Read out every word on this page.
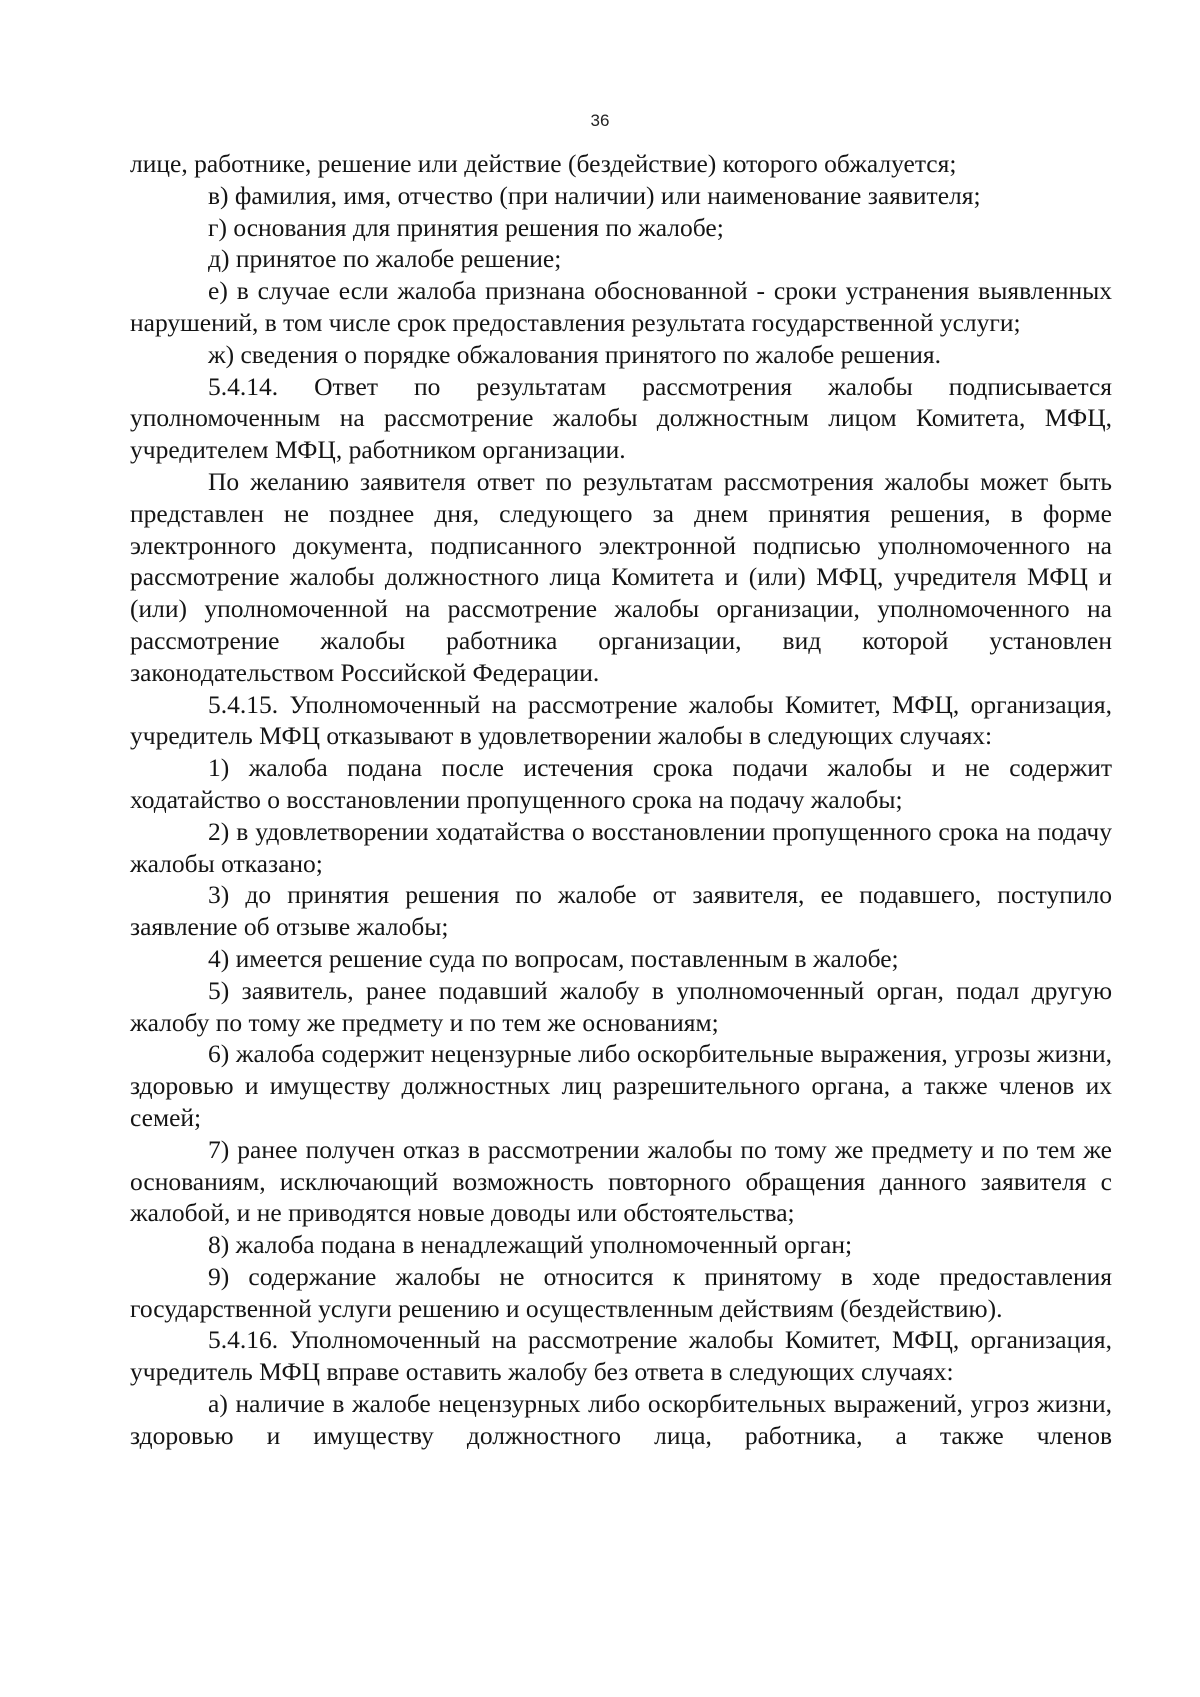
36

лице, работнике, решение или действие (бездействие) которого обжалуется;

в) фамилия, имя, отчество (при наличии) или наименование заявителя;

г) основания для принятия решения по жалобе;

д) принятое по жалобе решение;

е) в случае если жалоба признана обоснованной - сроки устранения выявленных нарушений, в том числе срок предоставления результата государственной услуги;

ж) сведения о порядке обжалования принятого по жалобе решения.

5.4.14. Ответ по результатам рассмотрения жалобы подписывается уполномоченным на рассмотрение жалобы должностным лицом Комитета, МФЦ, учредителем МФЦ, работником организации.

По желанию заявителя ответ по результатам рассмотрения жалобы может быть представлен не позднее дня, следующего за днем принятия решения, в форме электронного документа, подписанного электронной подписью уполномоченного на рассмотрение жалобы должностного лица Комитета и (или) МФЦ, учредителя МФЦ и (или) уполномоченной на рассмотрение жалобы организации, уполномоченного на рассмотрение жалобы работника организации, вид которой установлен законодательством Российской Федерации.

5.4.15. Уполномоченный на рассмотрение жалобы Комитет, МФЦ, организация, учредитель МФЦ отказывают в удовлетворении жалобы в следующих случаях:

1) жалоба подана после истечения срока подачи жалобы и не содержит ходатайство о восстановлении пропущенного срока на подачу жалобы;

2) в удовлетворении ходатайства о восстановлении пропущенного срока на подачу жалобы отказано;

3) до принятия решения по жалобе от заявителя, ее подавшего, поступило заявление об отзыве жалобы;

4) имеется решение суда по вопросам, поставленным в жалобе;

5) заявитель, ранее подавший жалобу в уполномоченный орган, подал другую жалобу по тому же предмету и по тем же основаниям;

6) жалоба содержит нецензурные либо оскорбительные выражения, угрозы жизни, здоровью и имуществу должностных лиц разрешительного органа, а также членов их семей;

7) ранее получен отказ в рассмотрении жалобы по тому же предмету и по тем же основаниям, исключающий возможность повторного обращения данного заявителя с жалобой, и не приводятся новые доводы или обстоятельства;

8) жалоба подана в ненадлежащий уполномоченный орган;

9) содержание жалобы не относится к принятому в ходе предоставления государственной услуги решению и осуществленным действиям (бездействию).

5.4.16. Уполномоченный на рассмотрение жалобы Комитет, МФЦ, организация, учредитель МФЦ вправе оставить жалобу без ответа в следующих случаях:

а) наличие в жалобе нецензурных либо оскорбительных выражений, угроз жизни, здоровью и имуществу должностного лица, работника, а также членов
